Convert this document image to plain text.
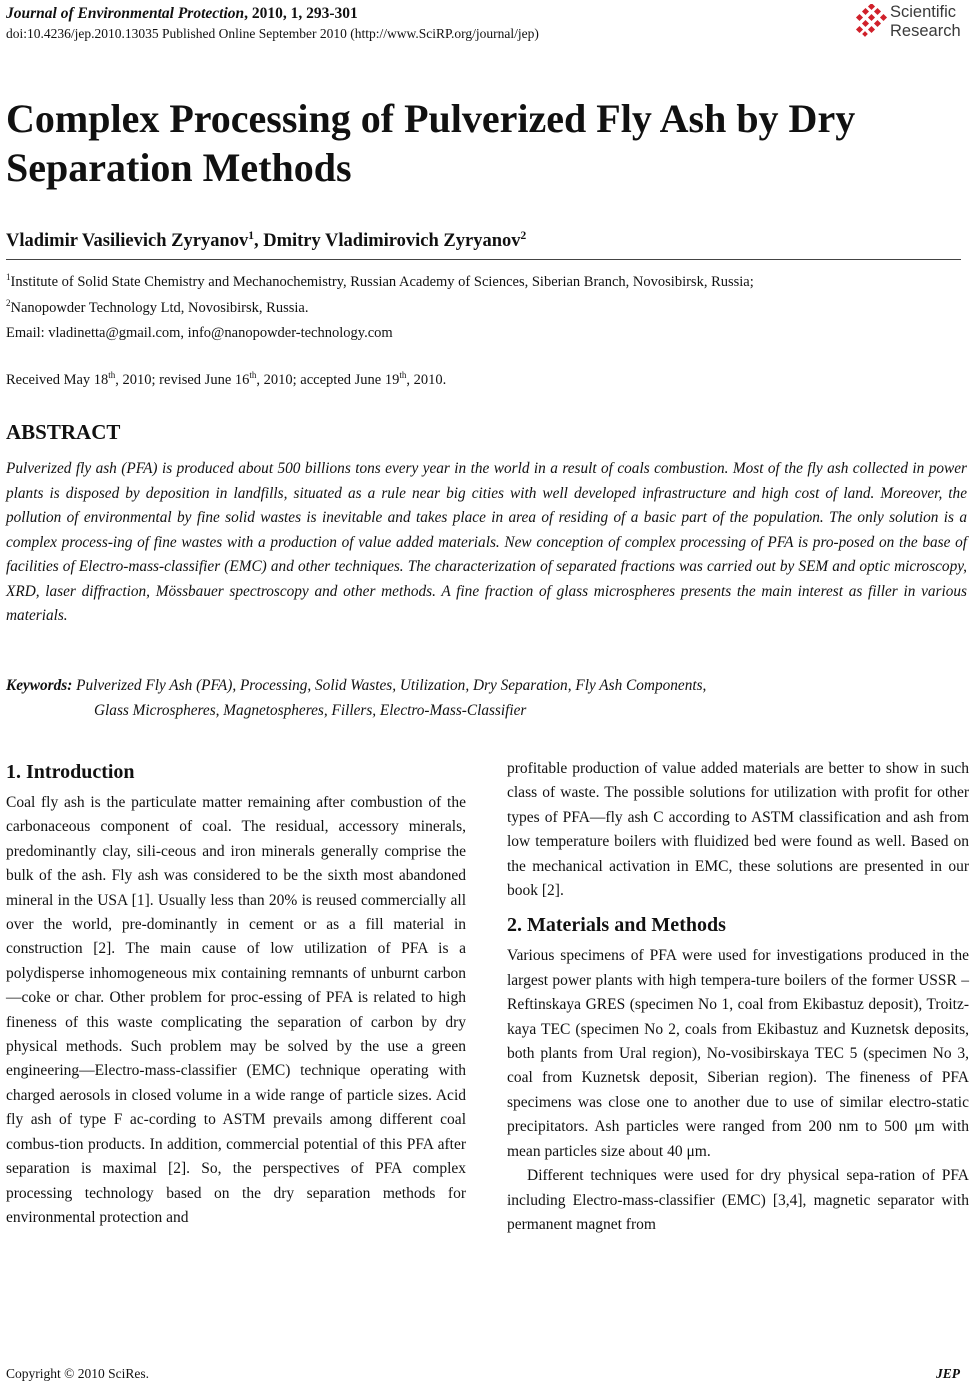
Journal of Environmental Protection, 2010, 1, 293-301
doi:10.4236/jep.2010.13035 Published Online September 2010 (http://www.SciRP.org/journal/jep)
Scientific
Research
Complex Processing of Pulverized Fly Ash by Dry Separation Methods
Vladimir Vasilievich Zyryanov$^1$, Dmitry Vladimirovich Zyryanov$^2$
$^1$Institute of Solid State Chemistry and Mechanochemistry, Russian Academy of Sciences, Siberian Branch, Novosibirsk, Russia;
$^2$Nanopowder Technology Ltd, Novosibirsk, Russia.
Email: vladinetta@gmail.com, info@nanopowder-technology.com
Received May 18th, 2010; revised June 16th, 2010; accepted June 19th, 2010.
ABSTRACT

Pulverized fly ash (PFA) is produced about 500 billions tons every year in the world in a result of coals combustion. Most of the fly ash collected in power plants is disposed by deposition in landfills, situated as a rule near big cities with well developed infrastructure and high cost of land. Moreover, the pollution of environmental by fine solid wastes is inevitable and takes place in area of residing of a basic part of the population. The only solution is a complex process-ing of fine wastes with a production of value added materials. New conception of complex processing of PFA is pro-posed on the base of facilities of Electro-mass-classifier (EMC) and other techniques. The characterization of separated fractions was carried out by SEM and optic microscopy, XRD, laser diffraction, Mössbauer spectroscopy and other methods. A fine fraction of glass microspheres presents the main interest as filler in various materials.

Keywords: Pulverized Fly Ash (PFA), Processing, Solid Wastes, Utilization, Dry Separation, Fly Ash Components,
Glass Microspheres, Magnetospheres, Fillers, Electro-Mass-Classifier
1. Introduction

Coal fly ash is the particulate matter remaining after combustion of the carbonaceous component of coal. The residual, accessory minerals, predominantly clay, sili-ceous and iron minerals generally comprise the bulk of the ash. Fly ash was considered to be the sixth most abandoned mineral in the USA [1]. Usually less than 20% is reused commercially all over the world, pre-dominantly in cement or as a fill material in construction [2]. The main cause of low utilization of PFA is a polydisperse inhomogeneous mix containing remnants of unburnt carbon—coke or char. Other problem for proc-essing of PFA is related to high fineness of this waste complicating the separation of carbon by dry physical methods. Such problem may be solved by the use a green engineering—Electro-mass-classifier (EMC) technique operating with charged aerosols in closed volume in a wide range of particle sizes. Acid fly ash of type F ac-cording to ASTM prevails among different coal combus-tion products. In addition, commercial potential of this PFA after separation is maximal [2]. So, the perspectives of PFA complex processing technology based on the dry separation methods for environmental protection and

profitable production of value added materials are better to show in such class of waste. The possible solutions for utilization with profit for other types of PFA—fly ash C according to ASTM classification and ash from low temperature boilers with fluidized bed were found as well. Based on the mechanical activation in EMC, these solutions are presented in our book [2].

2. Materials and Methods

Various specimens of PFA were used for investigations produced in the largest power plants with high tempera-ture boilers of the former USSR – Reftinskaya GRES (specimen No 1, coal from Ekibastuz deposit), Troitz-kaya TEC (specimen No 2, coals from Ekibastuz and Kuznetsk deposits, both plants from Ural region), No-vosibirskaya TEC 5 (specimen No 3, coal from Kuznetsk deposit, Siberian region). The fineness of PFA specimens was close one to another due to use of similar electro-static precipitators. Ash particles were ranged from 200 nm to 500 μm with mean particles size about 40 μm.

Different techniques were used for dry physical sepa-ration of PFA including Electro-mass-classifier (EMC) [3,4], magnetic separator with permanent magnet from

Copyright © 2010 SciRes.	JEP
